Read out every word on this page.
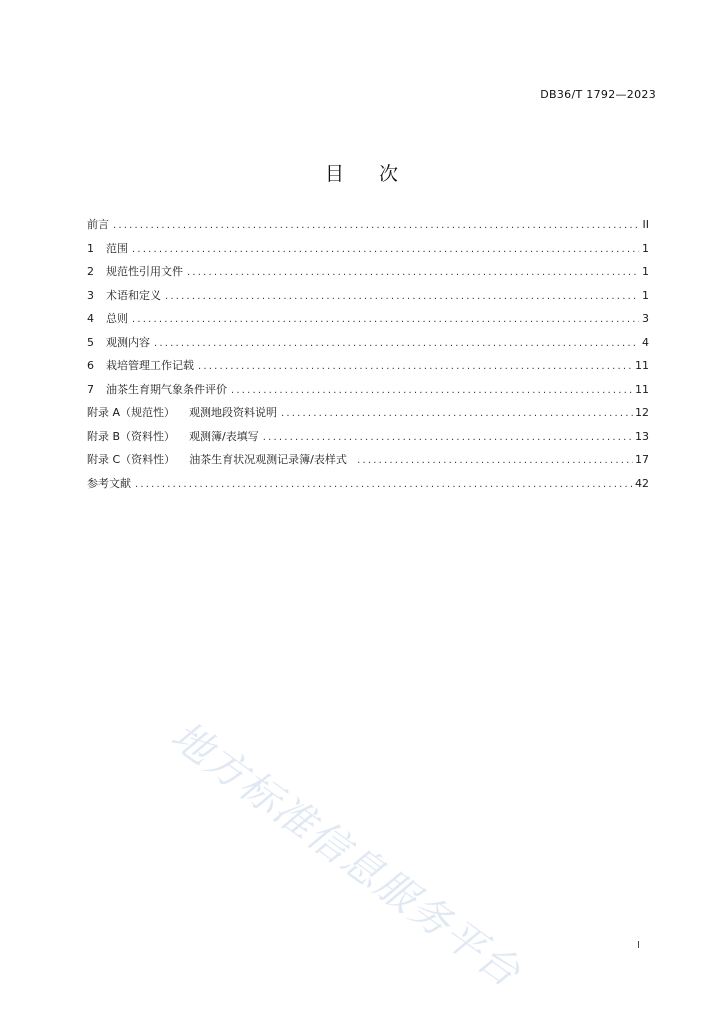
DB36/T 1792—2023
目 次
前言 .....	II
1	范围 .....	1
2	规范性引用文件 .....	1
3	术语和定义 .....	1
4	总则 .....	3
5	观测内容 .....	4
6	栽培管理工作记载 .....	11
7	油茶生育期气象条件评价 .....	11
附录 A（规范性） 观测地段资料说明 .....	12
附录 B（资料性） 观测簿/表填写 .....	13
附录 C（资料性） 油茶生育状况观测记录簿/表样式 .....	17
参考文献 .....	42
地方标准信息服务平台	I
